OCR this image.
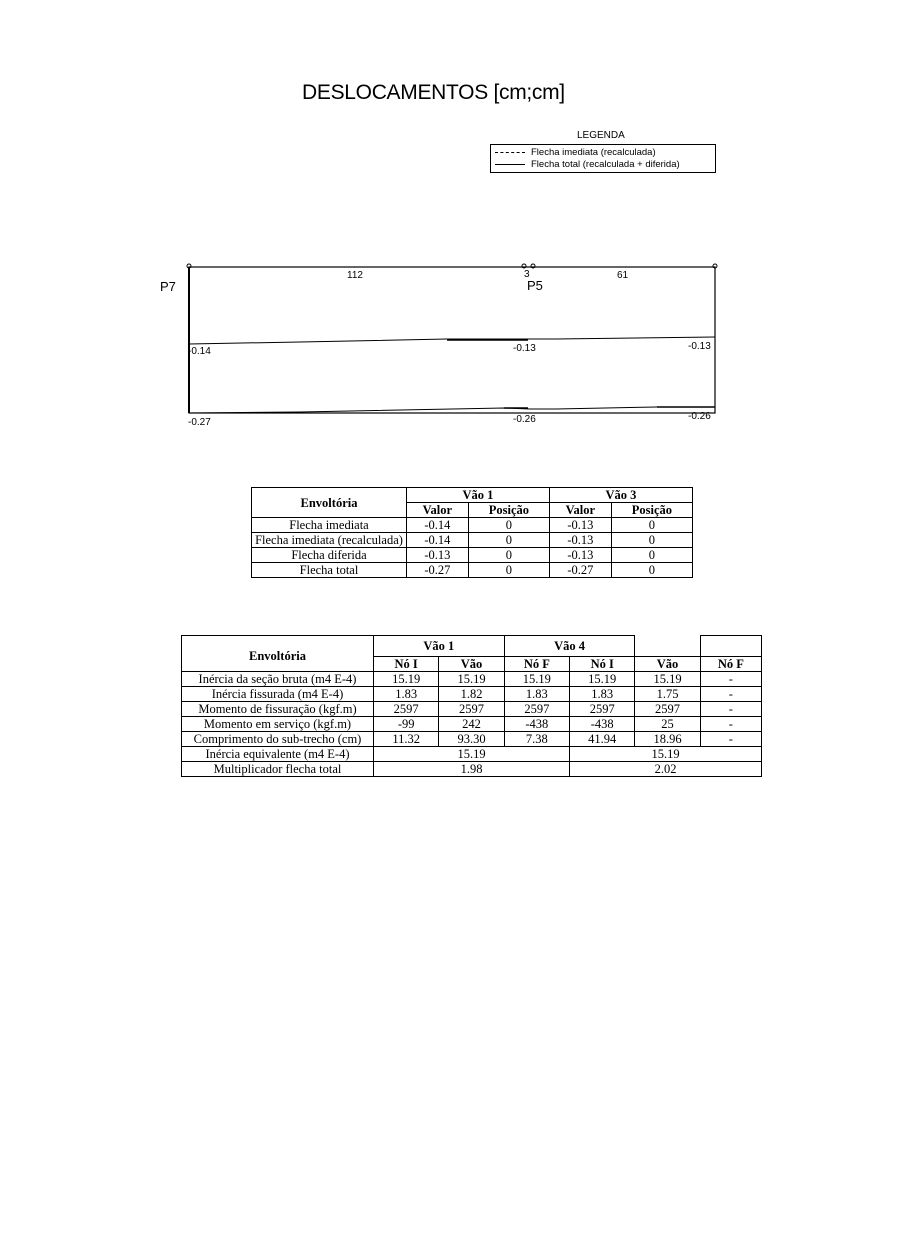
DESLOCAMENTOS [cm;cm]
LEGENDA
Flecha imediata (recalculada)
Flecha total (recalculada + diferida)
P7	P5
112	3	61
-0.14	-0.13	-0.13
-0.27	-0.26	-0.26
Envoltória	Vão 1		Vão 3	
	Valor	Posição	Valor	Posição
Flecha imediata	-0.14	0	-0.13	0
Flecha imediata (recalculada)	-0.14	0	-0.13	0
Flecha diferida	-0.13	0	-0.13	0
Flecha total	-0.27	0	-0.27	0
Envoltória	Vão 1		Vão 4			
	Nó I	Vão	Nó F	Nó I	Vão	Nó F
Inércia da seção bruta (m4 E-4)	15.19	15.19	15.19	15.19	15.19	-
Inércia fissurada (m4 E-4)	1.83	1.82	1.83	1.83	1.75	-
Momento de fissuração (kgf.m)	2597	2597	2597	2597	2597	-
Momento em serviço (kgf.m)	-99	242	-438	-438	25	-
Comprimento do sub-trecho (cm)	11.32	93.30	7.38	41.94	18.96	-
Inércia equivalente (m4 E-4)	15.19			15.19		
Multiplicador flecha total	1.98			2.02		
